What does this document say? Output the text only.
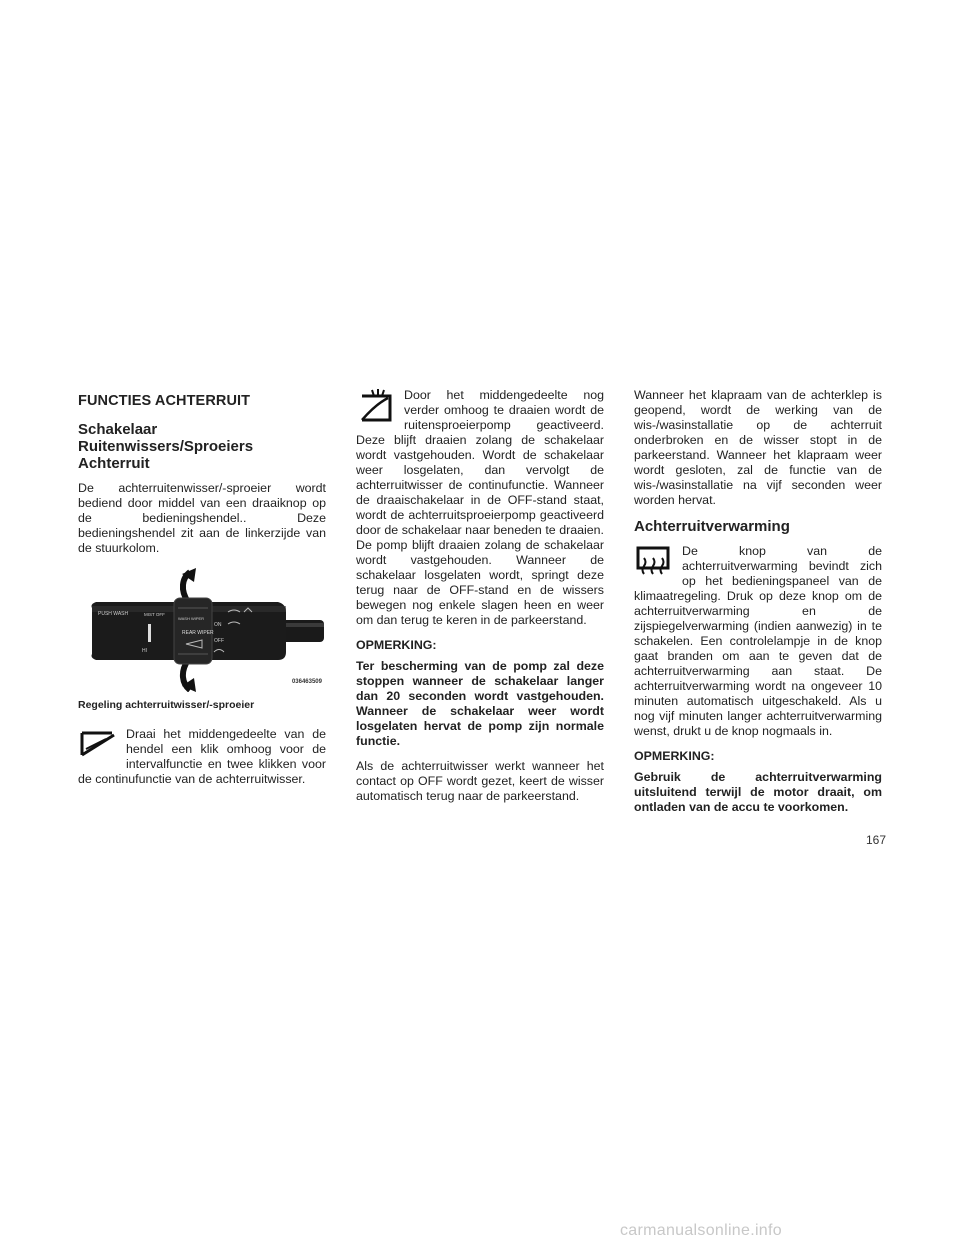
FUNCTIES ACHTERRUIT
Schakelaar Ruitenwissers/Sproeiers Achterruit

De achterruitenwisser/-sproeier wordt bediend door middel van een draaiknop op de bedieningshendel.. Deze bedieningshendel zit aan de linkerzijde van de stuurkolom.

PUSH WASH	MIST OFF
WASH WIPER
REAR WIPER
ON
OFF
HI
036463509
Regeling achterruitwisser/-sproeier

Draai het middengedeelte van de hendel een klik omhoog voor de intervalfunctie en twee klikken voor de continufunctie van de achterruitwisser.

Door het middengedeelte nog verder omhoog te draaien wordt de ruitensproeierpomp geactiveerd. Deze blijft draaien zolang de schakelaar wordt vastgehouden. Wordt de schakelaar weer losgelaten, dan vervolgt de achterruitwisser de continufunctie. Wanneer de draaischakelaar in de OFF-stand staat, wordt de achterruitsproeierpomp geactiveerd door de schakelaar naar beneden te draaien. De pomp blijft draaien zolang de schakelaar wordt vastgehouden. Wanneer de schakelaar losgelaten wordt, springt deze terug naar de OFF-stand en de wissers bewegen nog enkele slagen heen en weer om dan terug te keren in de parkeerstand.

OPMERKING:

Ter bescherming van de pomp zal deze stoppen wanneer de schakelaar langer dan 20 seconden wordt vastgehouden. Wanneer de schakelaar weer wordt losgelaten hervat de pomp zijn normale functie.

Als de achterruitwisser werkt wanneer het contact op OFF wordt gezet, keert de wisser automatisch terug naar de parkeerstand.

Wanneer het klapraam van de achterklep is geopend, wordt de werking van de wis-/wasinstallatie op de achterruit onderbroken en de wisser stopt in de parkeerstand. Wanneer het klapraam weer wordt gesloten, zal de functie van de wis-/wasinstallatie na vijf seconden weer worden hervat.

Achterruitverwarming

De knop van de achterruitverwarming bevindt zich op het bedieningspaneel van de klimaatregeling. Druk op deze knop om de achterruitverwarming en de zijspiegelverwarming (indien aanwezig) in te schakelen. Een controlelampje in de knop gaat branden om aan te geven dat de achterruitverwarming aan staat. De achterruitverwarming wordt na ongeveer 10 minuten automatisch uitgeschakeld. Als u nog vijf minuten langer achterruitverwarming wenst, drukt u de knop nogmaals in.

OPMERKING:

Gebruik de achterruitverwarming uitsluitend terwijl de motor draait, om ontladen van de accu te voorkomen.

167
carmanualsonline.info
